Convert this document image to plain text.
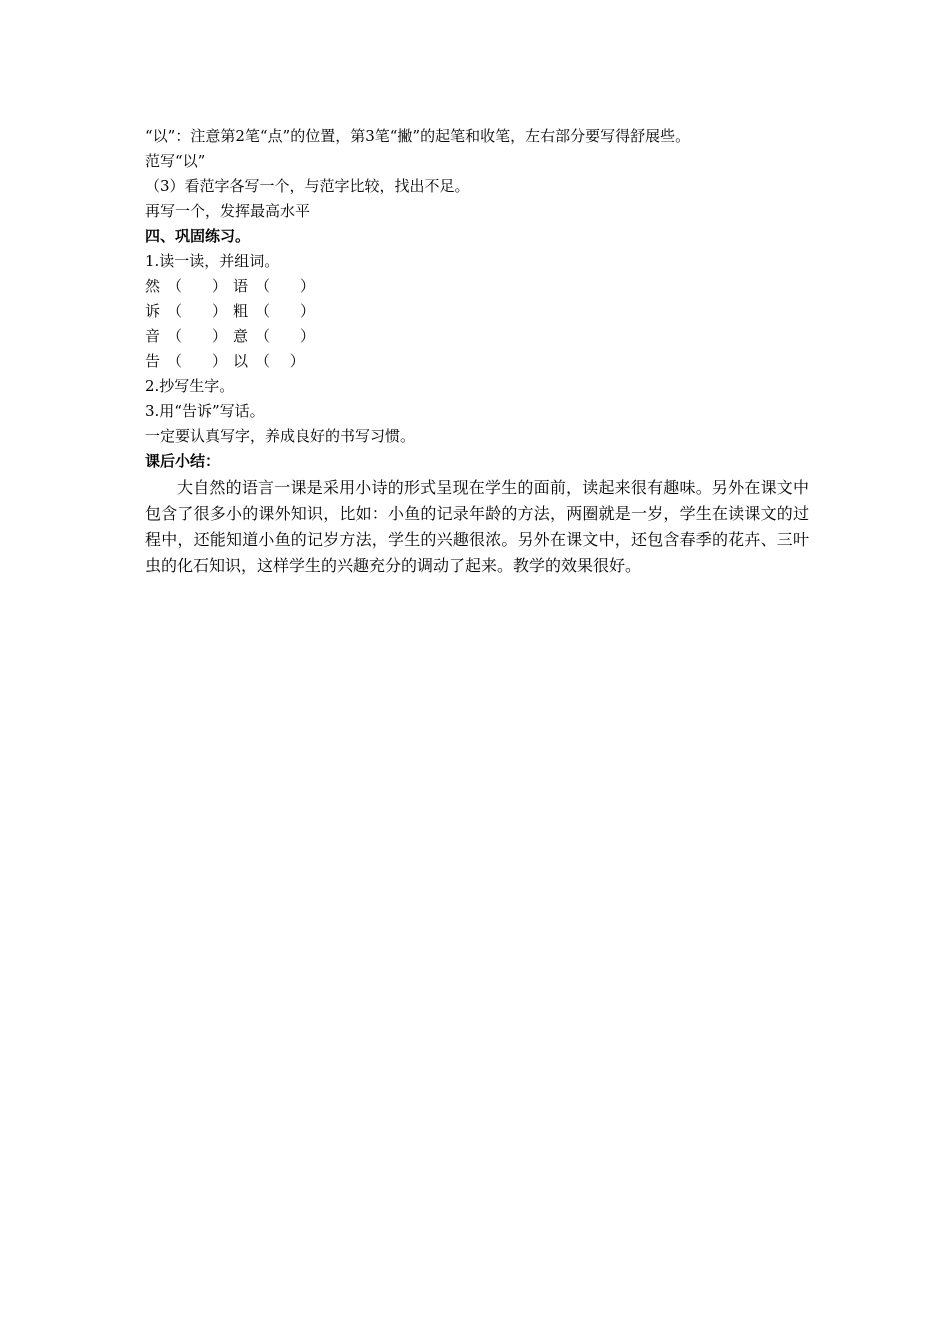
“以”：注意第2笔“点”的位置，第3笔“撇”的起笔和收笔，左右部分要写得舒展些。
范写“以”
（3）看范字各写一个，与范字比较，找出不足。
再写一个，发挥最高水平
四、巩固练习。
1.读一读，并组词。
然 （　　） 语 （　　）
诉 （　　） 粗 （　　）
音 （　　） 意 （　　）
告 （　　） 以 （　 ）
2.抄写生字。
3.用“告诉”写话。
一定要认真写字，养成良好的书写习惯。
课后小结：
大自然的语言一课是采用小诗的形式呈现在学生的面前，读起来很有趣味。另外在课文中包含了很多小的课外知识，比如：小鱼的记录年龄的方法，两圈就是一岁，学生在读课文的过程中，还能知道小鱼的记岁方法，学生的兴趣很浓。另外在课文中，还包含春季的花卉、三叶虫的化石知识，这样学生的兴趣充分的调动了起来。教学的效果很好。
